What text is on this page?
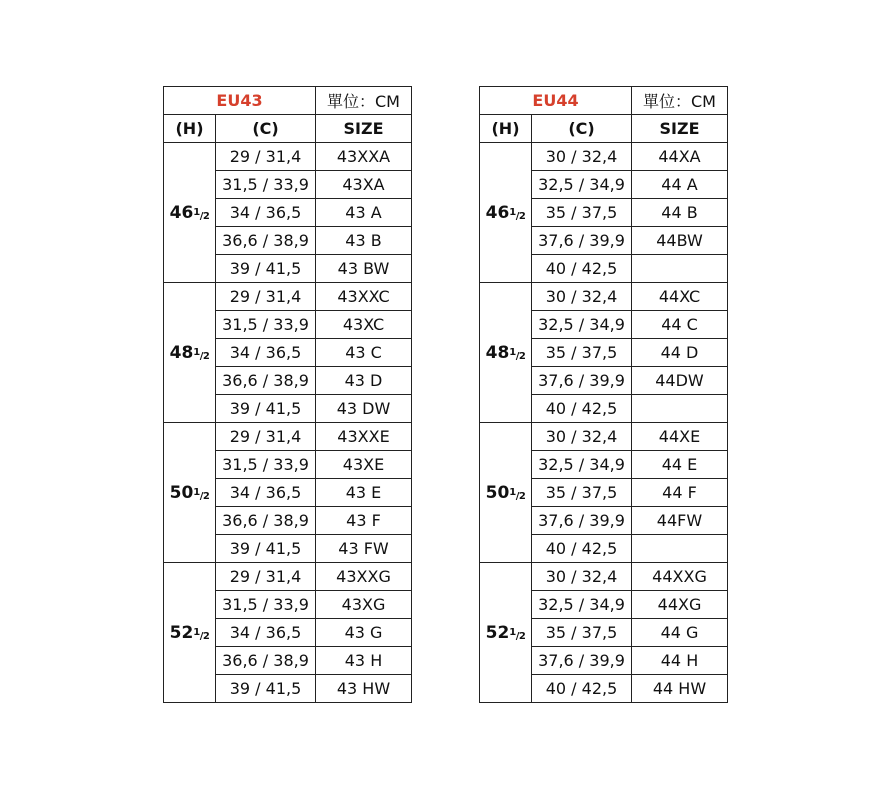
EU43		單位：CM
(H)	(C)	SIZE
461/2	29 / 31,4	43XXA
	31,5 / 33,9	43XA
	34 / 36,5	43 A
	36,6 / 38,9	43 B
	39 / 41,5	43 BW
481/2	29 / 31,4	43XXC
	31,5 / 33,9	43XC
	34 / 36,5	43 C
	36,6 / 38,9	43 D
	39 / 41,5	43 DW
501/2	29 / 31,4	43XXE
	31,5 / 33,9	43XE
	34 / 36,5	43 E
	36,6 / 38,9	43 F
	39 / 41,5	43 FW
521/2	29 / 31,4	43XXG
	31,5 / 33,9	43XG
	34 / 36,5	43 G
	36,6 / 38,9	43 H
	39 / 41,5	43 HW
EU44		單位：CM
(H)	(C)	SIZE
461/2	30 / 32,4	44XA
	32,5 / 34,9	44 A
	35 / 37,5	44 B
	37,6 / 39,9	44BW
	40 / 42,5	
481/2	30 / 32,4	44XC
	32,5 / 34,9	44 C
	35 / 37,5	44 D
	37,6 / 39,9	44DW
	40 / 42,5	
501/2	30 / 32,4	44XE
	32,5 / 34,9	44 E
	35 / 37,5	44 F
	37,6 / 39,9	44FW
	40 / 42,5	
521/2	30 / 32,4	44XXG
	32,5 / 34,9	44XG
	35 / 37,5	44 G
	37,6 / 39,9	44 H
	40 / 42,5	44 HW
